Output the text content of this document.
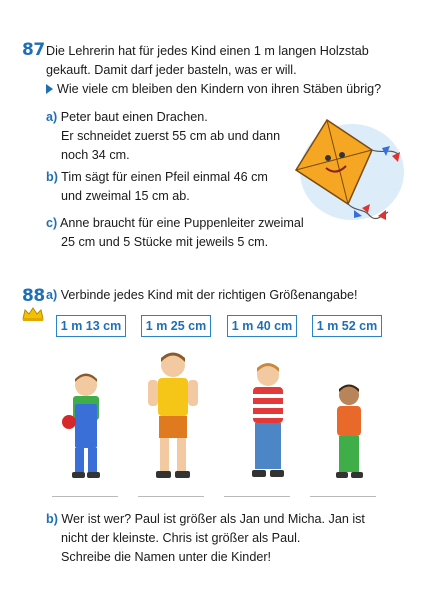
87 Die Lehrerin hat für jedes Kind einen 1 m langen Holzstab
gekauft. Damit darf jeder basteln, was er will.
Wie viele cm bleiben den Kindern von ihren Stäben übrig?
a) Peter baut einen Drachen.
Er schneidet zuerst 55 cm ab und dann
noch 34 cm.
b) Tim sägt für einen Pfeil einmal 46 cm
und zweimal 15 cm ab.
c) Anne braucht für eine Puppenleiter zweimal
25 cm und 5 Stücke mit jeweils 5 cm.
88 a) Verbinde jedes Kind mit der richtigen Größenangabe!
1 m 13 cm	1 m 25 cm	1 m 40 cm	1 m 52 cm
b) Wer ist wer? Paul ist größer als Jan und Micha. Jan ist
nicht der kleinste. Chris ist größer als Paul.
Schreibe die Namen unter die Kinder!
